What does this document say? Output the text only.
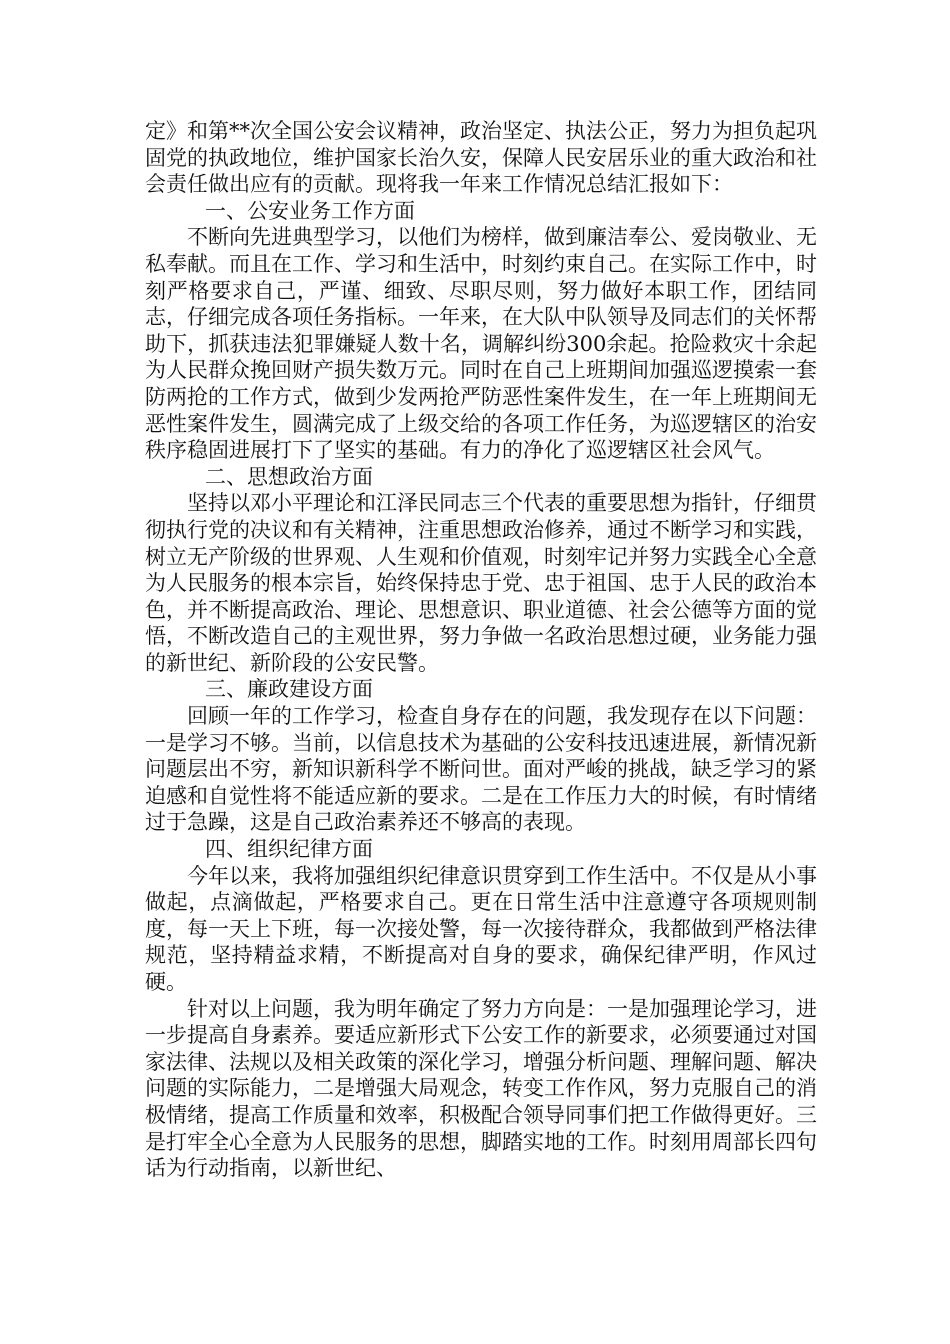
定》和第**次全国公安会议精神，政治坚定、执法公正，努力为担负起巩固党的执政地位，维护国家长治久安，保障人民安居乐业的重大政治和社会责任做出应有的贡献。现将我一年来工作情况总结汇报如下：

一、公安业务工作方面

不断向先进典型学习，以他们为榜样，做到廉洁奉公、爱岗敬业、无私奉献。而且在工作、学习和生活中，时刻约束自己。在实际工作中，时刻严格要求自己，严谨、细致、尽职尽则，努力做好本职工作，团结同志，仔细完成各项任务指标。一年来，在大队中队领导及同志们的关怀帮助下，抓获违法犯罪嫌疑人数十名，调解纠纷300余起。抢险救灾十余起为人民群众挽回财产损失数万元。同时在自己上班期间加强巡逻摸索一套防两抢的工作方式，做到少发两抢严防恶性案件发生，在一年上班期间无恶性案件发生，圆满完成了上级交给的各项工作任务，为巡逻辖区的治安秩序稳固进展打下了坚实的基础。有力的净化了巡逻辖区社会风气。

二、思想政治方面

坚持以邓小平理论和江泽民同志三个代表的重要思想为指针，仔细贯彻执行党的决议和有关精神，注重思想政治修养，通过不断学习和实践，树立无产阶级的世界观、人生观和价值观，时刻牢记并努力实践全心全意为人民服务的根本宗旨，始终保持忠于党、忠于祖国、忠于人民的政治本色，并不断提高政治、理论、思想意识、职业道德、社会公德等方面的觉悟，不断改造自己的主观世界，努力争做一名政治思想过硬，业务能力强的新世纪、新阶段的公安民警。

三、廉政建设方面

回顾一年的工作学习，检查自身存在的问题，我发现存在以下问题：一是学习不够。当前，以信息技术为基础的公安科技迅速进展，新情况新问题层出不穷，新知识新科学不断问世。面对严峻的挑战，缺乏学习的紧迫感和自觉性将不能适应新的要求。二是在工作压力大的时候，有时情绪过于急躁，这是自己政治素养还不够高的表现。

四、组织纪律方面

今年以来，我将加强组织纪律意识贯穿到工作生活中。不仅是从小事做起，点滴做起，严格要求自己。更在日常生活中注意遵守各项规则制度，每一天上下班，每一次接处警，每一次接待群众，我都做到严格法律规范，坚持精益求精，不断提高对自身的要求，确保纪律严明，作风过硬。

针对以上问题，我为明年确定了努力方向是：一是加强理论学习，进一步提高自身素养。要适应新形式下公安工作的新要求，必须要通过对国家法律、法规以及相关政策的深化学习，增强分析问题、理解问题、解决问题的实际能力，二是增强大局观念，转变工作作风，努力克服自己的消极情绪，提高工作质量和效率，积极配合领导同事们把工作做得更好。三是打牢全心全意为人民服务的思想，脚踏实地的工作。时刻用周部长四句话为行动指南，以新世纪、
